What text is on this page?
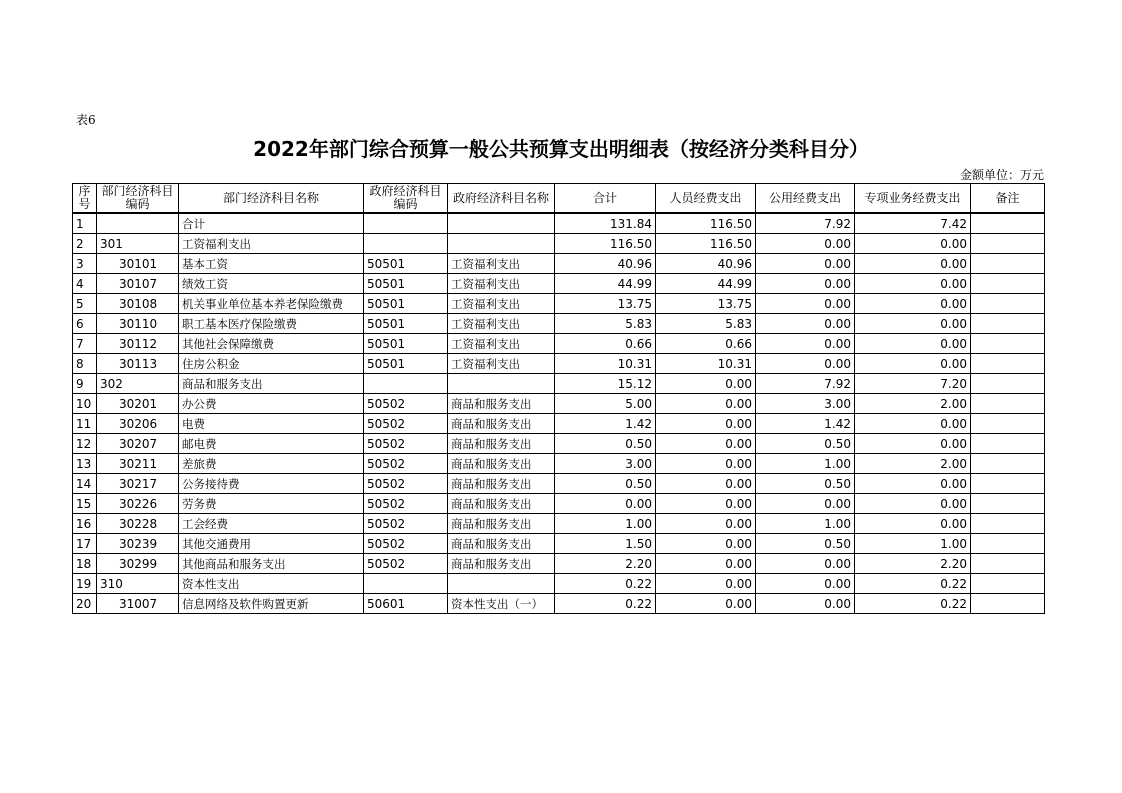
表6
2022年部门综合预算一般公共预算支出明细表（按经济分类科目分）
金额单位：万元
序号	部门经济科目编码	部门经济科目名称	政府经济科目编码	政府经济科目名称	合计	人员经费支出	公用经费支出	专项业务经费支出	备注
1		合计			131.84	116.50	7.92	7.42	
2	301	工资福利支出			116.50	116.50	0.00	0.00	
3	30101	基本工资	50501	工资福利支出	40.96	40.96	0.00	0.00	
4	30107	绩效工资	50501	工资福利支出	44.99	44.99	0.00	0.00	
5	30108	机关事业单位基本养老保险缴费	50501	工资福利支出	13.75	13.75	0.00	0.00	
6	30110	职工基本医疗保险缴费	50501	工资福利支出	5.83	5.83	0.00	0.00	
7	30112	其他社会保障缴费	50501	工资福利支出	0.66	0.66	0.00	0.00	
8	30113	住房公积金	50501	工资福利支出	10.31	10.31	0.00	0.00	
9	302	商品和服务支出			15.12	0.00	7.92	7.20	
10	30201	办公费	50502	商品和服务支出	5.00	0.00	3.00	2.00	
11	30206	电费	50502	商品和服务支出	1.42	0.00	1.42	0.00	
12	30207	邮电费	50502	商品和服务支出	0.50	0.00	0.50	0.00	
13	30211	差旅费	50502	商品和服务支出	3.00	0.00	1.00	2.00	
14	30217	公务接待费	50502	商品和服务支出	0.50	0.00	0.50	0.00	
15	30226	劳务费	50502	商品和服务支出	0.00	0.00	0.00	0.00	
16	30228	工会经费	50502	商品和服务支出	1.00	0.00	1.00	0.00	
17	30239	其他交通费用	50502	商品和服务支出	1.50	0.00	0.50	1.00	
18	30299	其他商品和服务支出	50502	商品和服务支出	2.20	0.00	0.00	2.20	
19	310	资本性支出			0.22	0.00	0.00	0.22	
20	31007	信息网络及软件购置更新	50601	资本性支出（一）	0.22	0.00	0.00	0.22	
